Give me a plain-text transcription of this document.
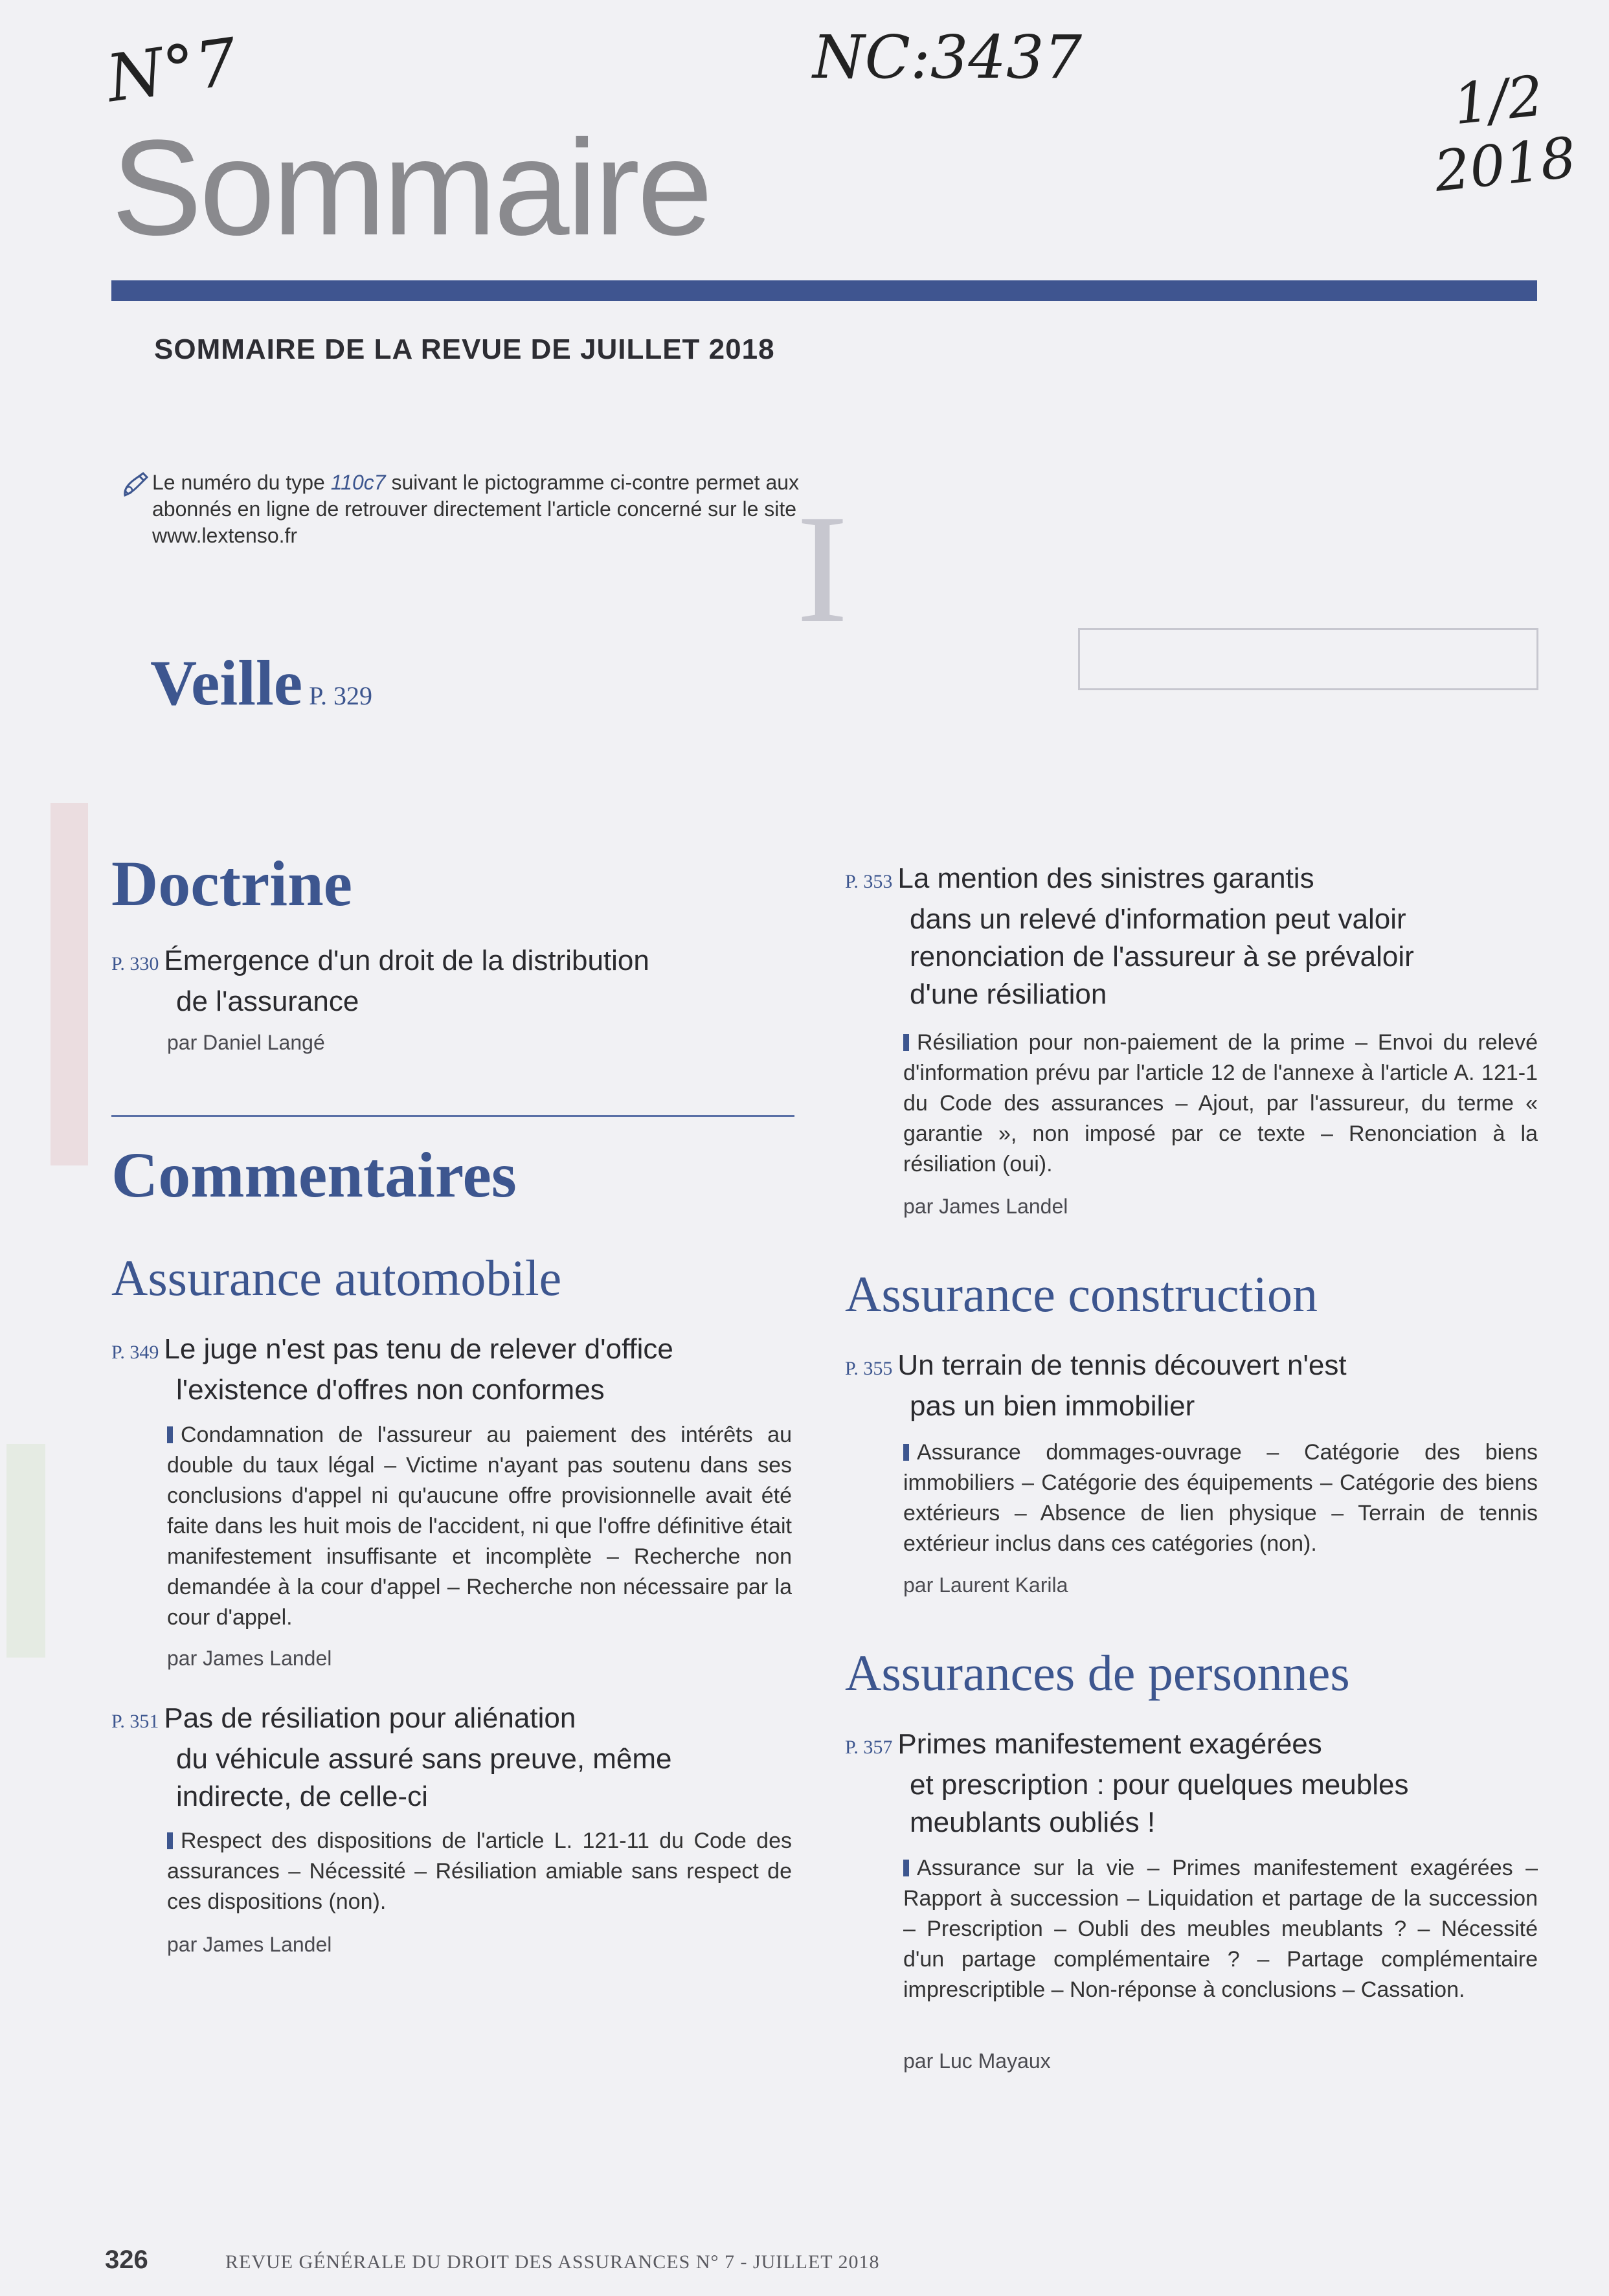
I
N°7	NC:3437
1/2
2018
Sommaire
SOMMAIRE DE LA REVUE DE JUILLET 2018
Le numéro du type 110c7 suivant le pictogramme ci-contre permet aux abonnés en ligne de retrouver directement l'article concerné sur le site www.lextenso.fr
Veille P. 329
Doctrine
P. 330 Émergence d'un droit de la distribution
de l'assurance
par Daniel Langé
Commentaires
Assurance automobile
P. 349 Le juge n'est pas tenu de relever d'office
l'existence d'offres non conformes
Condamnation de l'assureur au paiement des intérêts au double du taux légal – Victime n'ayant pas soutenu dans ses conclusions d'appel ni qu'aucune offre provisionnelle avait été faite dans les huit mois de l'accident, ni que l'offre définitive était manifestement insuffisante et incomplète – Recherche non demandée à la cour d'appel – Recherche non nécessaire par la cour d'appel.
par James Landel
P. 351 Pas de résiliation pour aliénation
du véhicule assuré sans preuve, même
indirecte, de celle-ci
Respect des dispositions de l'article L. 121-11 du Code des assurances – Nécessité – Résiliation amiable sans respect de ces dispositions (non).
par James Landel
P. 353 La mention des sinistres garantis
dans un relevé d'information peut valoir
renonciation de l'assureur à se prévaloir
d'une résiliation
Résiliation pour non-paiement de la prime – Envoi du relevé d'information prévu par l'article 12 de l'annexe à l'article A. 121-1 du Code des assurances – Ajout, par l'assureur, du terme « garantie », non imposé par ce texte – Renonciation à la résiliation (oui).
par James Landel
Assurance construction
P. 355 Un terrain de tennis découvert n'est
pas un bien immobilier
Assurance dommages-ouvrage – Catégorie des biens immobiliers – Catégorie des équipements – Catégorie des biens extérieurs – Absence de lien physique – Terrain de tennis extérieur inclus dans ces catégories (non).
par Laurent Karila
Assurances de personnes
P. 357 Primes manifestement exagérées
et prescription : pour quelques meubles
meublants oubliés !
Assurance sur la vie – Primes manifestement exagérées – Rapport à succession – Liquidation et partage de la succession – Prescription – Oubli des meubles meublants ? – Nécessité d'un partage complémentaire ? – Partage complémentaire imprescriptible – Non-réponse à conclusions – Cassation.
par Luc Mayaux
326	REVUE GÉNÉRALE DU DROIT DES ASSURANCES N° 7 - JUILLET 2018
